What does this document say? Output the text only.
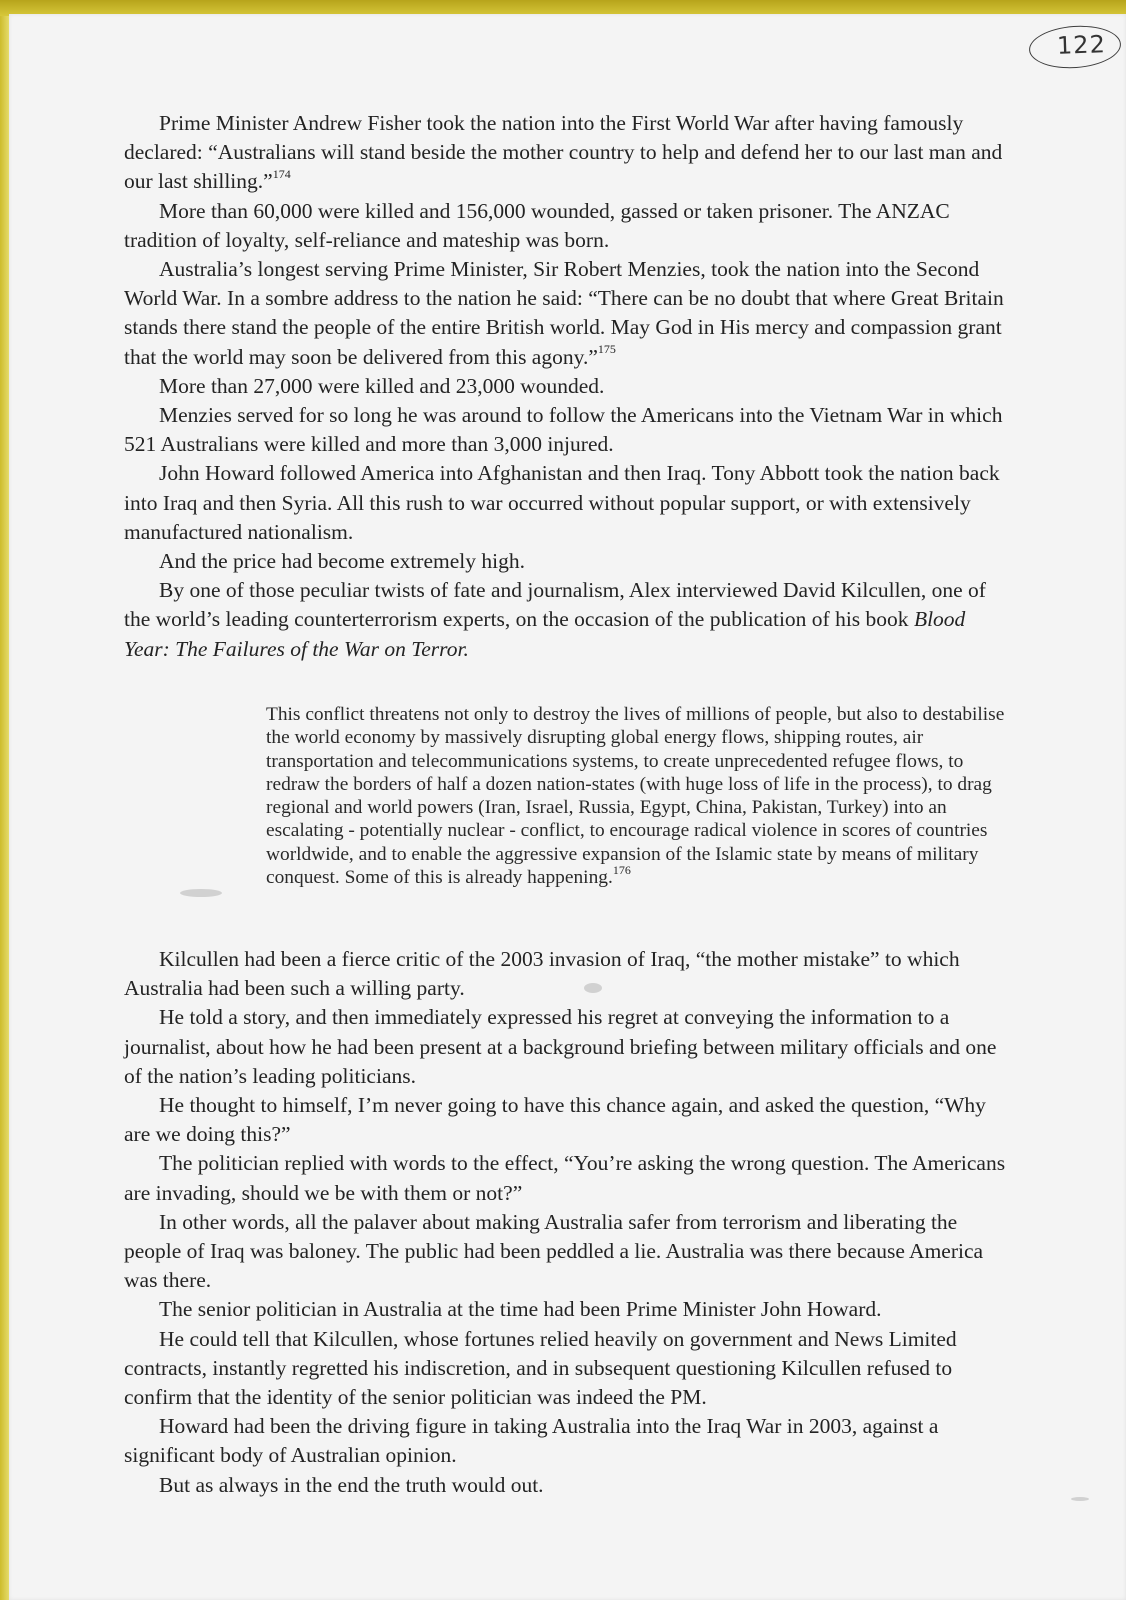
122

Prime Minister Andrew Fisher took the nation into the First World War after having famously declared: “Australians will stand beside the mother country to help and defend her to our last man and our last shilling.”$^{174}$

More than 60,000 were killed and 156,000 wounded, gassed or taken prisoner. The ANZAC tradition of loyalty, self-reliance and mateship was born.

Australia’s longest serving Prime Minister, Sir Robert Menzies, took the nation into the Second World War. In a sombre address to the nation he said: “There can be no doubt that where Great Britain stands there stand the people of the entire British world. May God in His mercy and compassion grant that the world may soon be delivered from this agony.”$^{175}$

More than 27,000 were killed and 23,000 wounded.

Menzies served for so long he was around to follow the Americans into the Vietnam War in which 521 Australians were killed and more than 3,000 injured.

John Howard followed America into Afghanistan and then Iraq. Tony Abbott took the nation back into Iraq and then Syria. All this rush to war occurred without popular support, or with extensively manufactured nationalism.

And the price had become extremely high.

By one of those peculiar twists of fate and journalism, Alex interviewed David Kilcullen, one of the world’s leading counterterrorism experts, on the occasion of the publication of his book Blood Year: The Failures of the War on Terror.

This conflict threatens not only to destroy the lives of millions of people, but also to destabilise the world economy by massively disrupting global energy flows, shipping routes, air transportation and telecommunications systems, to create unprecedented refugee flows, to redraw the borders of half a dozen nation-states (with huge loss of life in the process), to drag regional and world powers (Iran, Israel, Russia, Egypt, China, Pakistan, Turkey) into an escalating - potentially nuclear - conflict, to encourage radical violence in scores of countries worldwide, and to enable the aggressive expansion of the Islamic state by means of military conquest. Some of this is already happening.$^{176}$

Kilcullen had been a fierce critic of the 2003 invasion of Iraq, “the mother mistake” to which Australia had been such a willing party.

He told a story, and then immediately expressed his regret at conveying the information to a journalist, about how he had been present at a background briefing between military officials and one of the nation’s leading politicians.

He thought to himself, I’m never going to have this chance again, and asked the question, “Why are we doing this?”

The politician replied with words to the effect, “You’re asking the wrong question. The Americans are invading, should we be with them or not?”

In other words, all the palaver about making Australia safer from terrorism and liberating the people of Iraq was baloney. The public had been peddled a lie. Australia was there because America was there.

The senior politician in Australia at the time had been Prime Minister John Howard.

He could tell that Kilcullen, whose fortunes relied heavily on government and News Limited contracts, instantly regretted his indiscretion, and in subsequent questioning Kilcullen refused to confirm that the identity of the senior politician was indeed the PM.

Howard had been the driving figure in taking Australia into the Iraq War in 2003, against a significant body of Australian opinion.

But as always in the end the truth would out.
